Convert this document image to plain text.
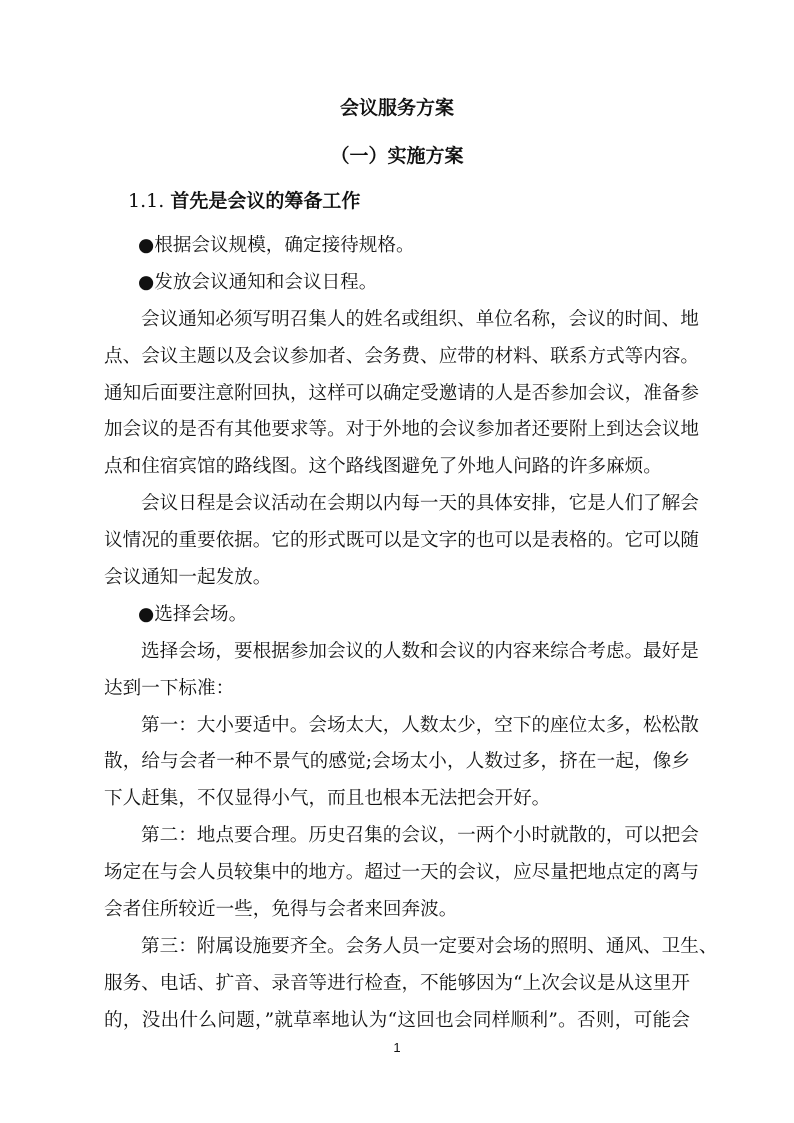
会议服务方案
（一）实施方案
1.1. 首先是会议的筹备工作
●根据会议规模，确定接待规格。
●发放会议通知和会议日程。
会议通知必须写明召集人的姓名或组织、单位名称，会议的时间、地
点、会议主题以及会议参加者、会务费、应带的材料、联系方式等内容。
通知后面要注意附回执，这样可以确定受邀请的人是否参加会议，准备参
加会议的是否有其他要求等。对于外地的会议参加者还要附上到达会议地
点和住宿宾馆的路线图。这个路线图避免了外地人问路的许多麻烦。
会议日程是会议活动在会期以内每一天的具体安排，它是人们了解会
议情况的重要依据。它的形式既可以是文字的也可以是表格的。它可以随
会议通知一起发放。
●选择会场。
选择会场，要根据参加会议的人数和会议的内容来综合考虑。最好是
达到一下标准：
第一：大小要适中。会场太大，人数太少，空下的座位太多，松松散
散，给与会者一种不景气的感觉;会场太小，人数过多，挤在一起，像乡
下人赶集，不仅显得小气，而且也根本无法把会开好。
第二：地点要合理。历史召集的会议，一两个小时就散的，可以把会
场定在与会人员较集中的地方。超过一天的会议，应尽量把地点定的离与
会者住所较近一些，免得与会者来回奔波。
第三：附属设施要齐全。会务人员一定要对会场的照明、通风、卫生、
服务、电话、扩音、录音等进行检查，不能够因为“上次会议是从这里开
的，没出什么问题，”就草率地认为“这回也会同样顺利”。否则，可能会
1
